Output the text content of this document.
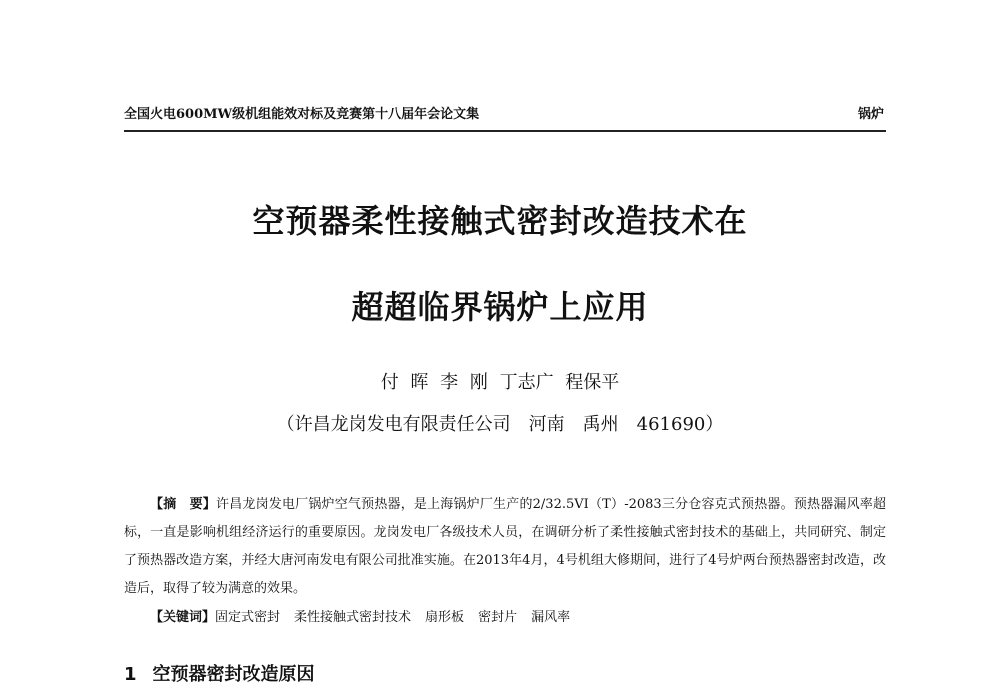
全国火电600MW级机组能效对标及竞赛第十八届年会论文集	锅炉
空预器柔性接触式密封改造技术在
超超临界锅炉上应用
付 晖 李 刚 丁志广 程保平
（许昌龙岗发电有限责任公司　河南　禹州　461690）

【摘　要】许昌龙岗发电厂锅炉空气预热器，是上海锅炉厂生产的2/32.5VI（T）-2083三分仓容克式预热器。预热器漏风率超标，一直是影响机组经济运行的重要原因。龙岗发电厂各级技术人员，在调研分析了柔性接触式密封技术的基础上，共同研究、制定了预热器改造方案，并经大唐河南发电有限公司批准实施。在2013年4月，4号机组大修期间，进行了4号炉两台预热器密封改造，改造后，取得了较为满意的效果。

【关键词】固定式密封 柔性接触式密封技术 扇形板 密封片 漏风率
1 空预器密封改造原因
